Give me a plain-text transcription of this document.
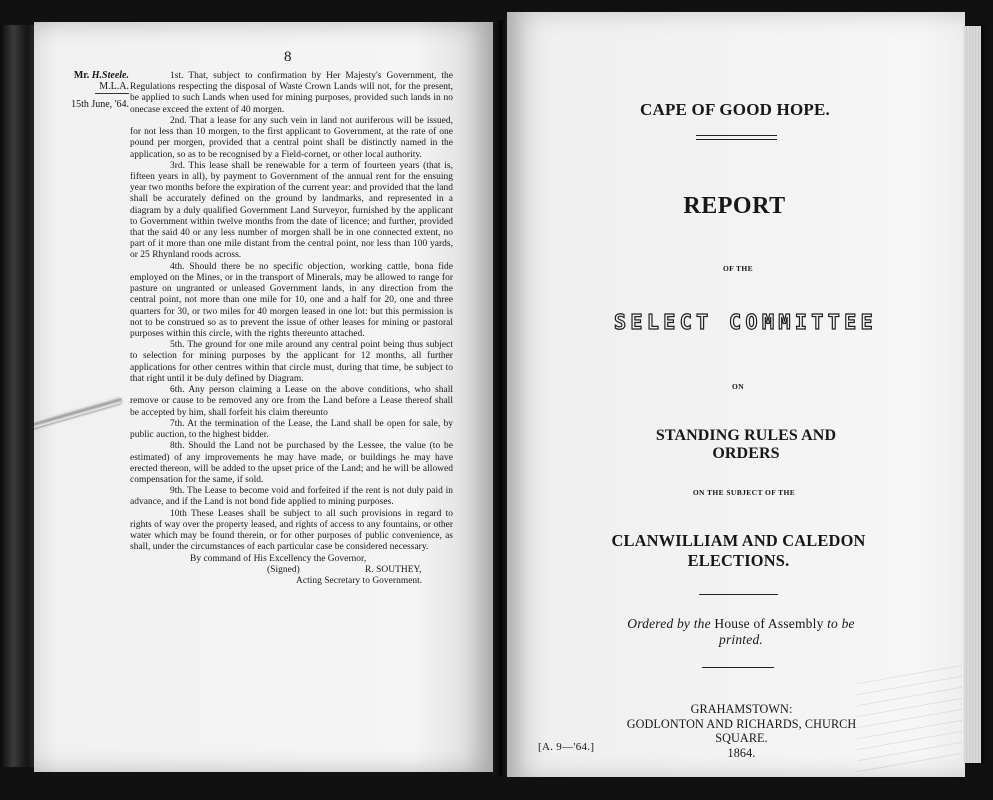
8
Mr. H.Steele.
M.L.A.
15th June, '64.

1st. That, subject to confirmation by Her Majesty's Government, the Regulations respecting the disposal of Waste Crown Lands will not, for the present, be applied to such Lands when used for mining purposes, provided such lands in no onecase exceed the extent of 40 morgen.

2nd. That a lease for any such vein in land not auriferous will be issued, for not less than 10 morgen, to the first applicant to Government, at the rate of one pound per morgen, provided that a central point shall be distinctly named in the application, so as to be recognised by a Field-cornet, or other local authority.

3rd. This lease shall be renewable for a term of fourteen years (that is, fifteen years in all), by payment to Government of the annual rent for the ensuing year two months before the expiration of the current year: and provided that the land shall be accurately defined on the ground by landmarks, and represented in a diagram by a duly qualified Government Land Surveyor, furnished by the applicant to Government within twelve months from the date of licence; and further, provided that the said 40 or any less number of morgen shall be in one connected extent, no part of it more than one mile distant from the central point, nor less than 100 yards, or 25 Rhynland roods across.

4th. Should there be no specific objection, working cattle, bona fide employed on the Mines, or in the transport of Minerals, may be allowed to range for pasture on ungranted or unleased Government lands, in any direction from the central point, not more than one mile for 10, one and a half for 20, one and three quarters for 30, or two miles for 40 morgen leased in one lot: but this permission is not to be construed so as to prevent the issue of other leases for mining or pastoral purposes within this circle, with the rights thereunto attached.

5th. The ground for one mile around any central point being thus subject to selection for mining purposes by the applicant for 12 months, all further applications for other centres within that circle must, during that time, be subject to that right until it be duly defined by Diagram.

6th. Any person claiming a Lease on the above conditions, who shall remove or cause to be removed any ore from the Land before a Lease thereof shall be accepted by him, shall forfeit his claim thereunto

7th. At the termination of the Lease, the Land shall be open for sale, by public auction, to the highest bidder.

8th. Should the Land not be purchased by the Lessee, the value (to be estimated) of any improvements he may have made, or buildings he may have erected thereon, will be added to the upset price of the Land; and he will be allowed compensation for the same, if sold.

9th. The Lease to become void and forfeited if the rent is not duly paid in advance, and if the Land is not bond fide applied to mining purposes.

10th These Leases shall be subject to all such provisions in regard to rights of way over the property leased, and rights of access to any fountains, or other water which may be found therein, or for other purposes of public convenience, as shall, under the circumstances of each particular case be considered necessary.

By command of His Excellency the Governor,
(Signed)	R. SOUTHEY,
Acting Secretary to Government.
CAPE OF GOOD HOPE.
REPORT
OF THE
SELECT COMMITTEE
ON
STANDING RULES AND ORDERS
ON THE SUBJECT OF THE
CLANWILLIAM AND CALEDON ELECTIONS.
Ordered by the House of Assembly to be printed.
GRAHAMSTOWN:
GODLONTON AND RICHARDS, CHURCH SQUARE.
1864.
[A. 9—'64.]
